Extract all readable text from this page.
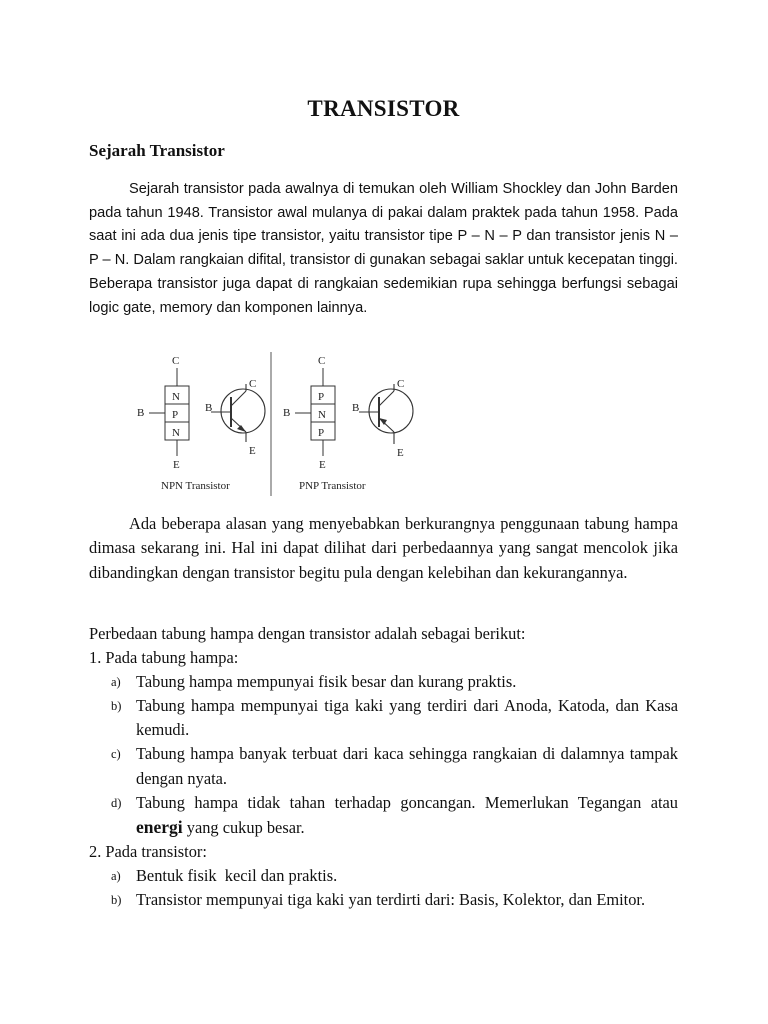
TRANSISTOR
Sejarah Transistor

Sejarah transistor pada awalnya di temukan oleh William Shockley dan John Barden pada tahun 1948. Transistor awal mulanya di pakai dalam praktek pada tahun 1958. Pada saat ini ada dua jenis tipe transistor, yaitu transistor tipe P – N – P dan transistor jenis N – P – N. Dalam rangkaian difital, transistor di gunakan sebagai saklar untuk kecepatan tinggi. Beberapa transistor juga dapat di rangkaian sedemikian rupa sehingga berfungsi sebagai logic gate, memory dan komponen lainnya.

C
N
P
N
B
E
C
B
E
NPN Transistor
C
P
N
P
B
E
C
B
E
PNP Transistor

Ada beberapa alasan yang menyebabkan berkurangnya penggunaan tabung hampa dimasa sekarang ini. Hal ini dapat dilihat dari perbedaannya yang sangat mencolok jika dibandingkan dengan transistor begitu pula dengan kelebihan dan kekurangannya.

Perbedaan tabung hampa dengan transistor adalah sebagai berikut:

1. Pada tabung hampa:

a) Tabung hampa mempunyai fisik besar dan kurang praktis.

b) Tabung hampa mempunyai tiga kaki yang terdiri dari Anoda, Katoda, dan Kasa kemudi.

c) Tabung hampa banyak terbuat dari kaca sehingga rangkaian di dalamnya tampak dengan nyata.

d) Tabung hampa tidak tahan terhadap goncangan. Memerlukan Tegangan atau energi yang cukup besar.

2. Pada transistor:

a) Bentuk fisik  kecil dan praktis.

b) Transistor mempunyai tiga kaki yan terdirti dari: Basis, Kolektor, dan Emitor.
